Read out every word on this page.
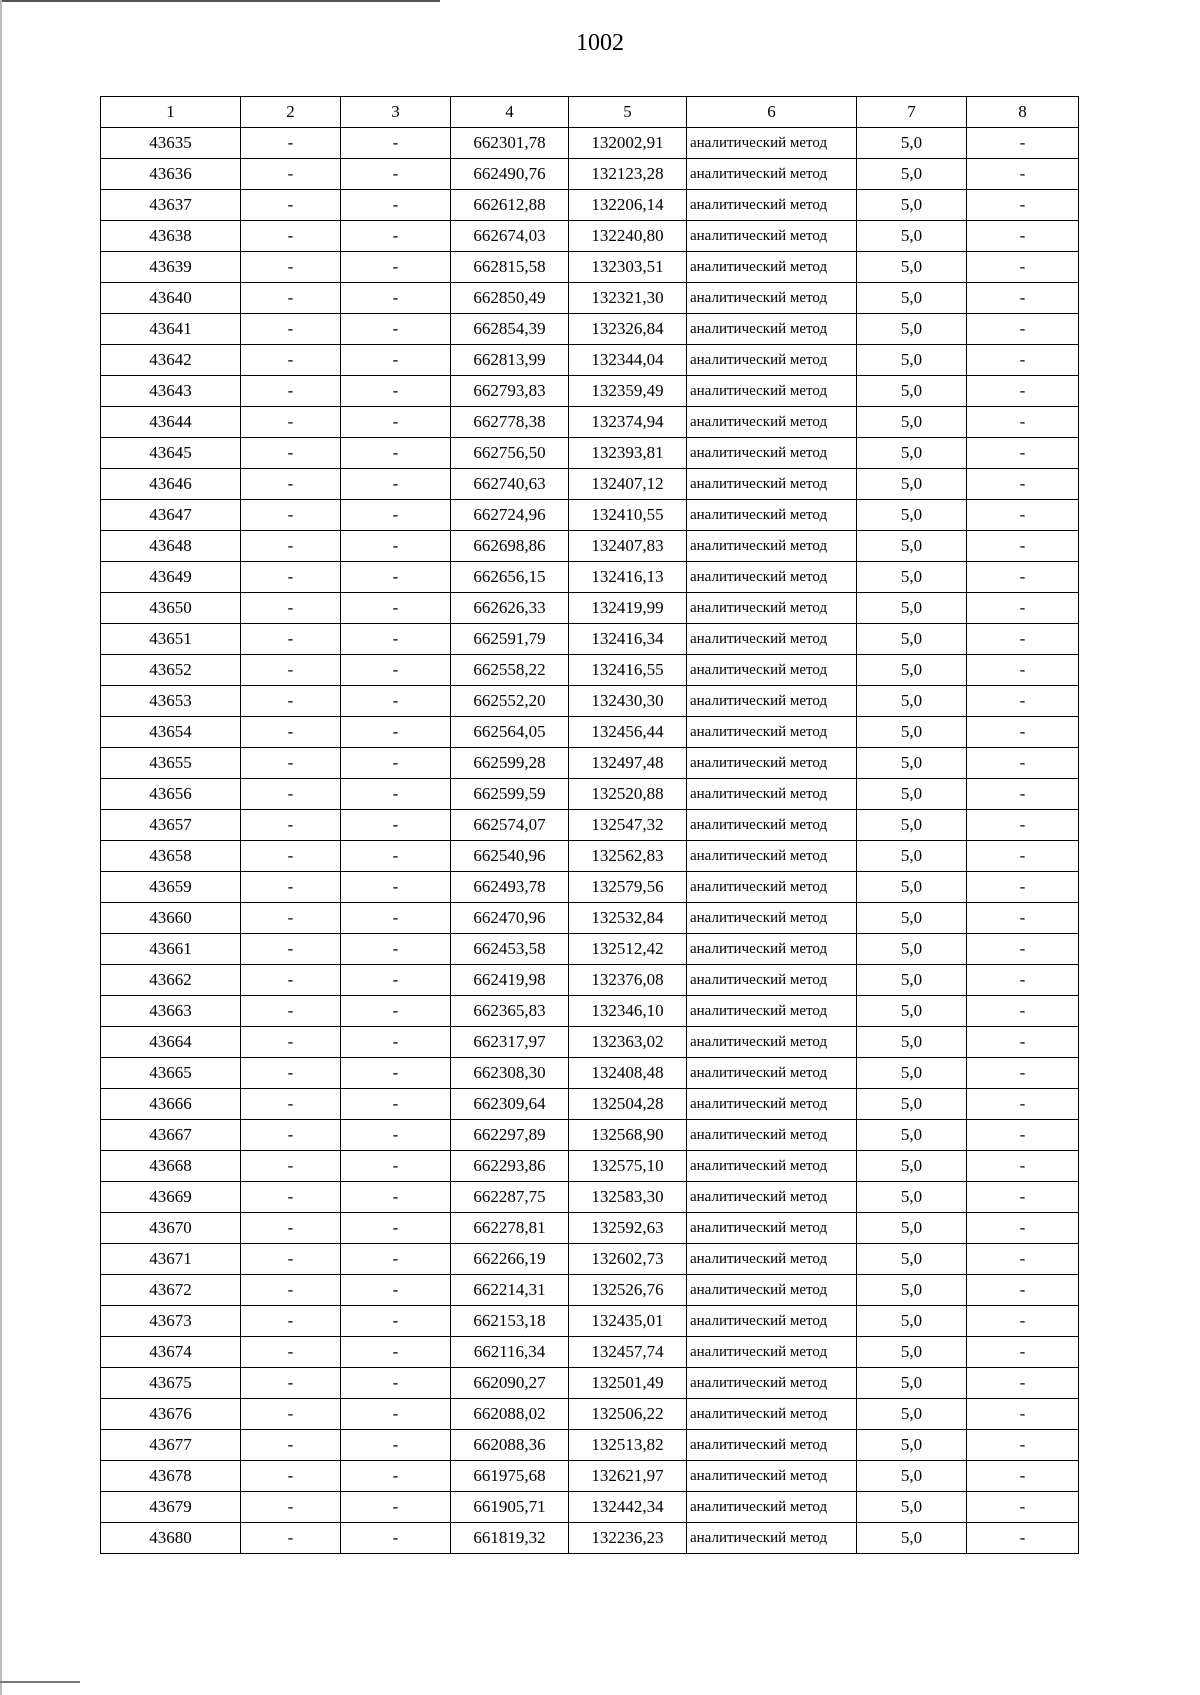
1002
1	2	3	4	5	6	7	8
43635	-	-	662301,78	132002,91	аналитический метод	5,0	-
43636	-	-	662490,76	132123,28	аналитический метод	5,0	-
43637	-	-	662612,88	132206,14	аналитический метод	5,0	-
43638	-	-	662674,03	132240,80	аналитический метод	5,0	-
43639	-	-	662815,58	132303,51	аналитический метод	5,0	-
43640	-	-	662850,49	132321,30	аналитический метод	5,0	-
43641	-	-	662854,39	132326,84	аналитический метод	5,0	-
43642	-	-	662813,99	132344,04	аналитический метод	5,0	-
43643	-	-	662793,83	132359,49	аналитический метод	5,0	-
43644	-	-	662778,38	132374,94	аналитический метод	5,0	-
43645	-	-	662756,50	132393,81	аналитический метод	5,0	-
43646	-	-	662740,63	132407,12	аналитический метод	5,0	-
43647	-	-	662724,96	132410,55	аналитический метод	5,0	-
43648	-	-	662698,86	132407,83	аналитический метод	5,0	-
43649	-	-	662656,15	132416,13	аналитический метод	5,0	-
43650	-	-	662626,33	132419,99	аналитический метод	5,0	-
43651	-	-	662591,79	132416,34	аналитический метод	5,0	-
43652	-	-	662558,22	132416,55	аналитический метод	5,0	-
43653	-	-	662552,20	132430,30	аналитический метод	5,0	-
43654	-	-	662564,05	132456,44	аналитический метод	5,0	-
43655	-	-	662599,28	132497,48	аналитический метод	5,0	-
43656	-	-	662599,59	132520,88	аналитический метод	5,0	-
43657	-	-	662574,07	132547,32	аналитический метод	5,0	-
43658	-	-	662540,96	132562,83	аналитический метод	5,0	-
43659	-	-	662493,78	132579,56	аналитический метод	5,0	-
43660	-	-	662470,96	132532,84	аналитический метод	5,0	-
43661	-	-	662453,58	132512,42	аналитический метод	5,0	-
43662	-	-	662419,98	132376,08	аналитический метод	5,0	-
43663	-	-	662365,83	132346,10	аналитический метод	5,0	-
43664	-	-	662317,97	132363,02	аналитический метод	5,0	-
43665	-	-	662308,30	132408,48	аналитический метод	5,0	-
43666	-	-	662309,64	132504,28	аналитический метод	5,0	-
43667	-	-	662297,89	132568,90	аналитический метод	5,0	-
43668	-	-	662293,86	132575,10	аналитический метод	5,0	-
43669	-	-	662287,75	132583,30	аналитический метод	5,0	-
43670	-	-	662278,81	132592,63	аналитический метод	5,0	-
43671	-	-	662266,19	132602,73	аналитический метод	5,0	-
43672	-	-	662214,31	132526,76	аналитический метод	5,0	-
43673	-	-	662153,18	132435,01	аналитический метод	5,0	-
43674	-	-	662116,34	132457,74	аналитический метод	5,0	-
43675	-	-	662090,27	132501,49	аналитический метод	5,0	-
43676	-	-	662088,02	132506,22	аналитический метод	5,0	-
43677	-	-	662088,36	132513,82	аналитический метод	5,0	-
43678	-	-	661975,68	132621,97	аналитический метод	5,0	-
43679	-	-	661905,71	132442,34	аналитический метод	5,0	-
43680	-	-	661819,32	132236,23	аналитический метод	5,0	-
